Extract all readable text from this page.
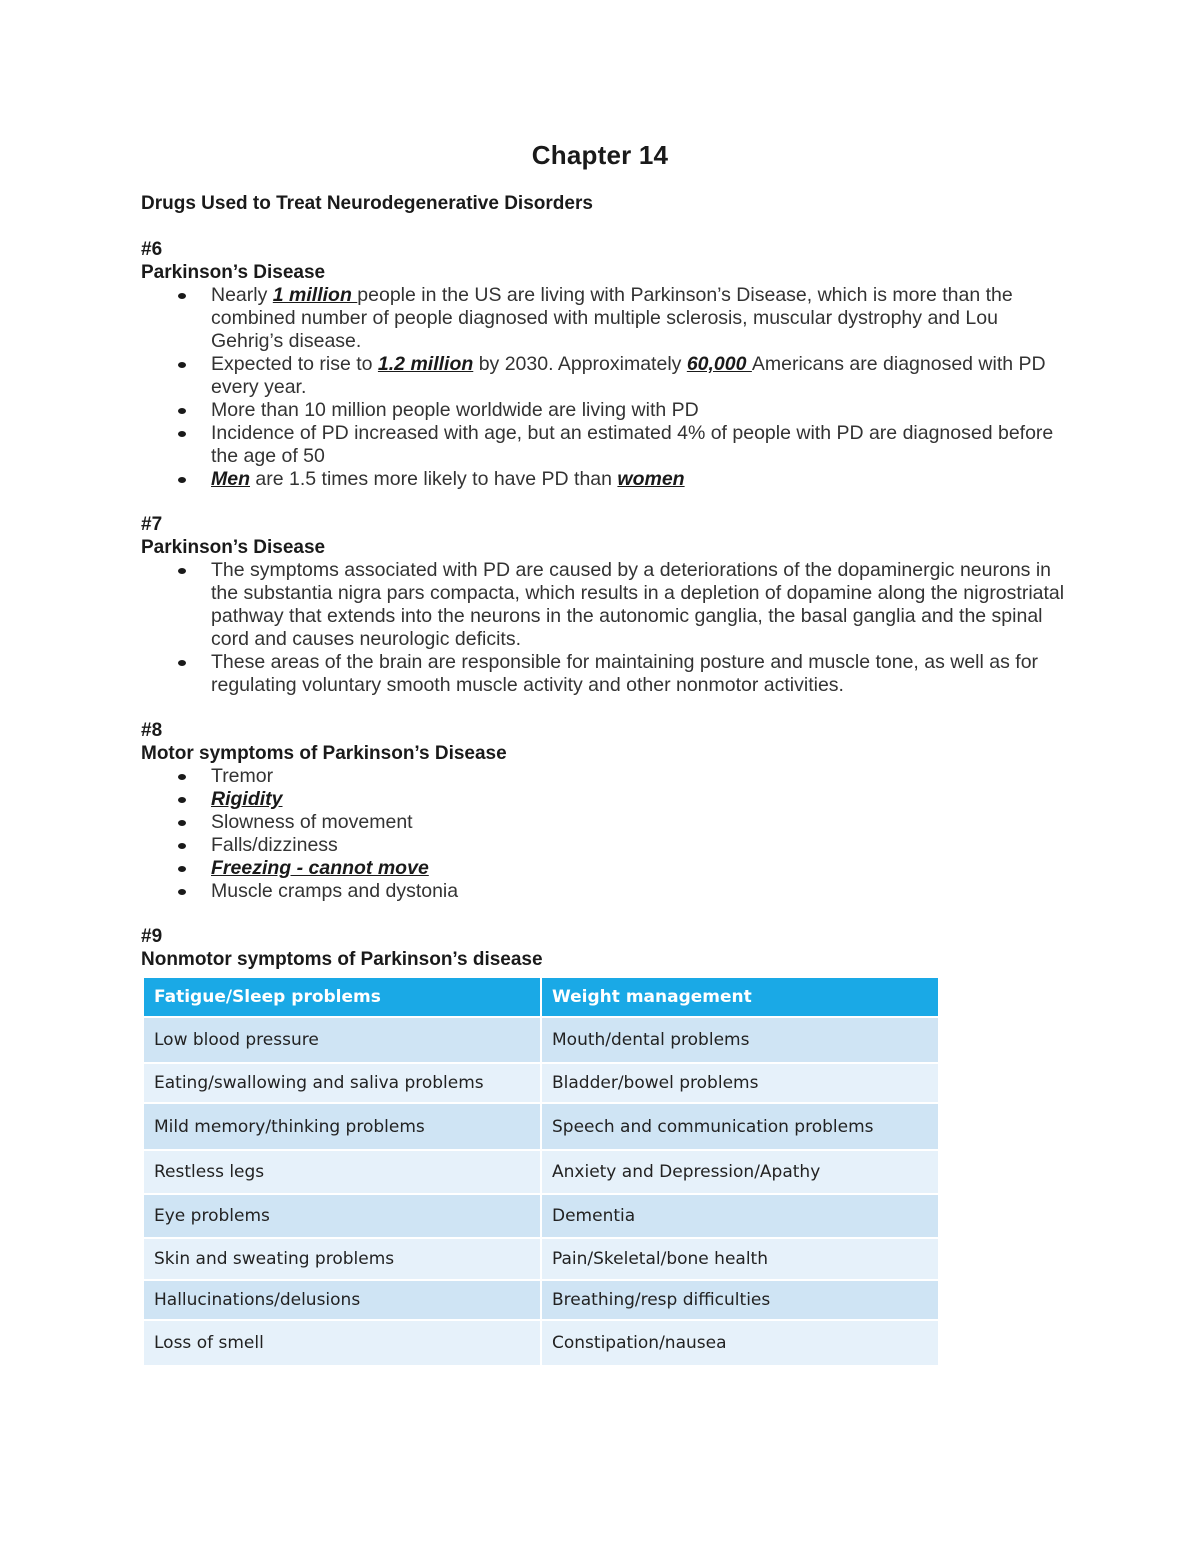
Chapter 14

Drugs Used to Treat Neurodegenerative Disorders

#6

Parkinson’s Disease

Nearly 1 million people in the US are living with Parkinson’s Disease, which is more than the combined number of people diagnosed with multiple sclerosis, muscular dystrophy and Lou Gehrig’s disease.
Expected to rise to 1.2 million by 2030. Approximately 60,000 Americans are diagnosed with PD every year.
More than 10 million people worldwide are living with PD
Incidence of PD increased with age, but an estimated 4% of people with PD are diagnosed before the age of 50
Men are 1.5 times more likely to have PD than women

#7

Parkinson’s Disease

The symptoms associated with PD are caused by a deteriorations of the dopaminergic neurons in the substantia nigra pars compacta, which results in a depletion of dopamine along the nigrostriatal pathway that extends into the neurons in the autonomic ganglia, the basal ganglia and the spinal cord and causes neurologic deficits.
These areas of the brain are responsible for maintaining posture and muscle tone, as well as for regulating voluntary smooth muscle activity and other nonmotor activities.

#8

Motor symptoms of Parkinson’s Disease

Tremor
Rigidity
Slowness of movement
Falls/dizziness
Freezing - cannot move
Muscle cramps and dystonia

#9

Nonmotor symptoms of Parkinson’s disease

Fatigue/Sleep problems	Weight management
Low blood pressure	Mouth/dental problems
Eating/swallowing and saliva problems	Bladder/bowel problems
Mild memory/thinking problems	Speech and communication problems
Restless legs	Anxiety and Depression/Apathy
Eye problems	Dementia
Skin and sweating problems	Pain/Skeletal/bone health
Hallucinations/delusions	Breathing/resp difficulties
Loss of smell	Constipation/nausea
